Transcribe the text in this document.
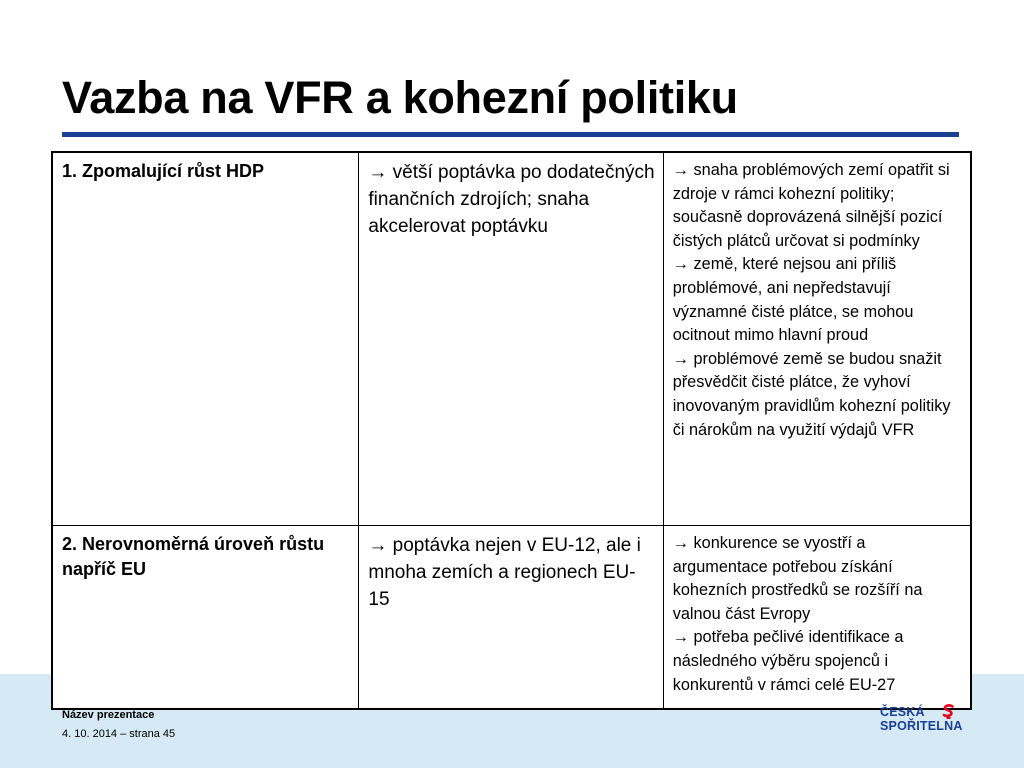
Vazba na VFR a kohezní politiku
1. Zpomalující růst HDP	→ větší poptávka po dodatečných finančních zdrojích; snaha akcelerovat poptávku	→ snaha problémových zemí opatřit si zdroje v rámci kohezní politiky; současně doprovázená silnější pozicí čistých plátců určovat si podmínky
→ země, které nejsou ani příliš problémové, ani nepředstavují významné čisté plátce, se mohou ocitnout mimo hlavní proud
→ problémové země se budou snažit přesvědčit čisté plátce, že vyhoví inovovaným pravidlům kohezní politiky či nárokům na využití výdajů VFR

2. Nerovnoměrná úroveň růstu napříč EU	→ poptávka nejen v EU-12, ale i mnoha zemích a regionech EU-15	→ konkurence se vyostří a argumentace potřebou získání kohezních prostředků se rozšíří na valnou část Evropy
→ potřeba pečlivé identifikace a následného výběru spojenců i konkurentů v rámci celé EU-27
Název prezentace
4. 10. 2014 – strana 45
ČESKÁ
SPOŘITELNA
